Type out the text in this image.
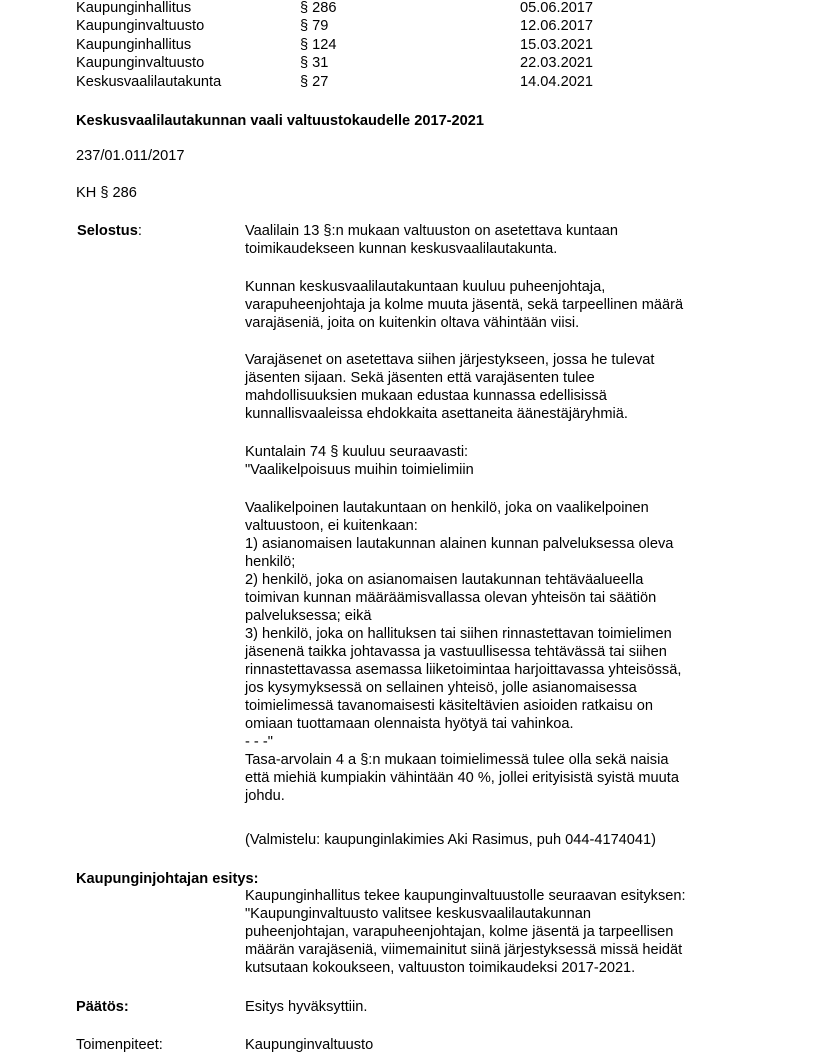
Kaupunginhallitus	§ 286	05.06.2017
Kaupunginvaltuusto	§ 79	12.06.2017
Kaupunginhallitus	§ 124	15.03.2021
Kaupunginvaltuusto	§ 31	22.03.2021
Keskusvaalilautakunta	§ 27	14.04.2021
Keskusvaalilautakunnan vaali valtuustokaudelle 2017-2021
237/01.011/2017
KH § 286
Selostus:	Vaalilain 13 §:n mukaan valtuuston on asetettava kuntaan
toimikaudekseen kunnan keskusvaalilautakunta.
Kunnan keskusvaalilautakuntaan kuuluu puheenjohtaja,
varapuheenjohtaja ja kolme muuta jäsentä, sekä tarpeellinen määrä
varajäseniä, joita on kuitenkin oltava vähintään viisi.
Varajäsenet on asetettava siihen järjestykseen, jossa he tulevat
jäsenten sijaan. Sekä jäsenten että varajäsenten tulee
mahdollisuuksien mukaan edustaa kunnassa edellisissä
kunnallisvaaleissa ehdokkaita asettaneita äänestäjäryhmiä.
Kuntalain 74 § kuuluu seuraavasti:
"Vaalikelpoisuus muihin toimielimiin
Vaalikelpoinen lautakuntaan on henkilö, joka on vaalikelpoinen
valtuustoon, ei kuitenkaan:
1) asianomaisen lautakunnan alainen kunnan palveluksessa oleva
henkilö;
2) henkilö, joka on asianomaisen lautakunnan tehtäväalueella
toimivan kunnan määräämisvallassa olevan yhteisön tai säätiön
palveluksessa; eikä
3) henkilö, joka on hallituksen tai siihen rinnastettavan toimielimen
jäsenenä taikka johtavassa ja vastuullisessa tehtävässä tai siihen
rinnastettavassa asemassa liiketoimintaa harjoittavassa yhteisössä,
jos kysymyksessä on sellainen yhteisö, jolle asianomaisessa
toimielimessä tavanomaisesti käsiteltävien asioiden ratkaisu on
omiaan tuottamaan olennaista hyötyä tai vahinkoa.
- - -"
Tasa-arvolain 4 a §:n mukaan toimielimessä tulee olla sekä naisia
että miehiä kumpiakin vähintään 40 %, jollei erityisistä syistä muuta
johdu.
(Valmistelu: kaupunginlakimies Aki Rasimus, puh 044-4174041)
Kaupunginjohtajan esitys:
Kaupunginhallitus tekee kaupunginvaltuustolle seuraavan esityksen:
"Kaupunginvaltuusto valitsee keskusvaalilautakunnan
puheenjohtajan, varapuheenjohtajan, kolme jäsentä ja tarpeellisen
määrän varajäseniä, viimemainitut siinä järjestyksessä missä heidät
kutsutaan kokoukseen, valtuuston toimikaudeksi 2017-2021.
Päätös:	Esitys hyväksyttiin.
Toimenpiteet:	Kaupunginvaltuusto
